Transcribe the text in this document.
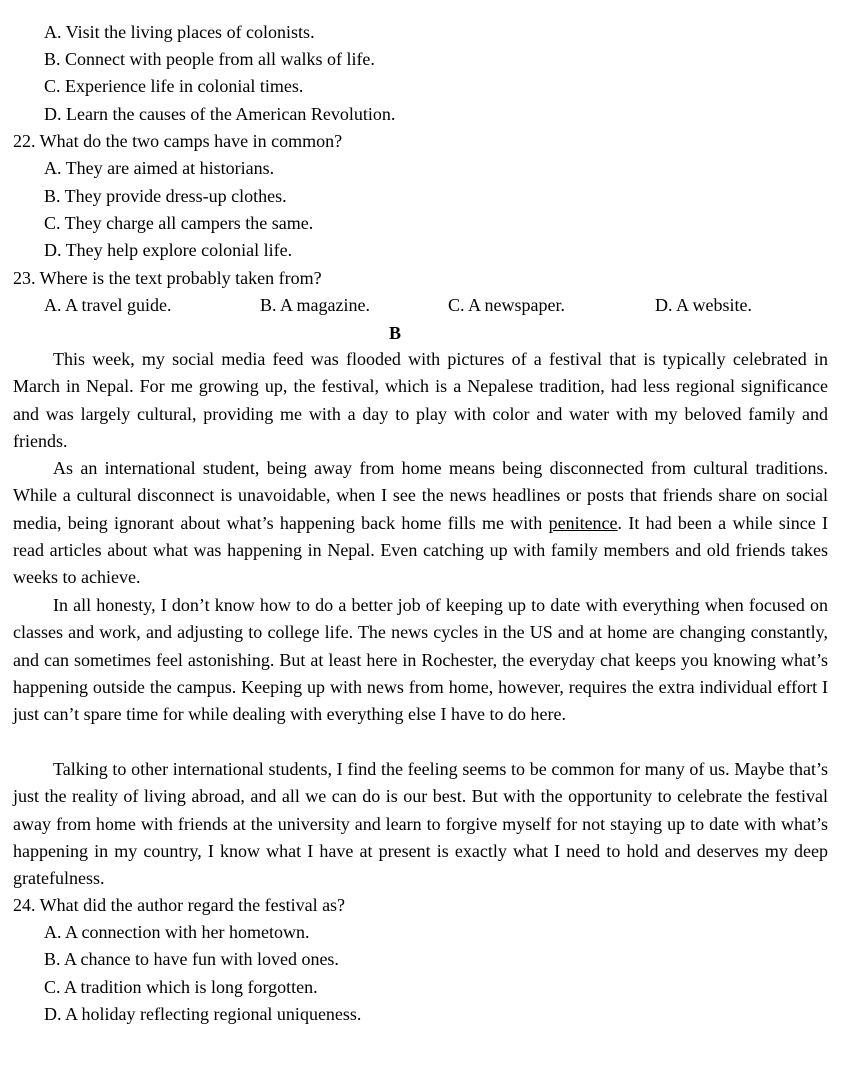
A. Visit the living places of colonists.
B. Connect with people from all walks of life.
C. Experience life in colonial times.
D. Learn the causes of the American Revolution.
22. What do the two camps have in common?
A. They are aimed at historians.
B. They provide dress-up clothes.
C. They charge all campers the same.
D. They help explore colonial life.
23. Where is the text probably taken from?
A. A travel guide.	B. A magazine.	C. A newspaper.	D. A website.
B

This week, my social media feed was flooded with pictures of a festival that is typically celebrated in March in Nepal. For me growing up, the festival, which is a Nepalese tradition, had less regional significance and was largely cultural, providing me with a day to play with color and water with my beloved family and friends.

As an international student, being away from home means being disconnected from cultural traditions. While a cultural disconnect is unavoidable, when I see the news headlines or posts that friends share on social media, being ignorant about what’s happening back home fills me with penitence. It had been a while since I read articles about what was happening in Nepal. Even catching up with family members and old friends takes weeks to achieve.

In all honesty, I don’t know how to do a better job of keeping up to date with everything when focused on classes and work, and adjusting to college life. The news cycles in the US and at home are changing constantly, and can sometimes feel astonishing. But at least here in Rochester, the everyday chat keeps you knowing what’s happening outside the campus. Keeping up with news from home, however, requires the extra individual effort I just can’t spare time for while dealing with everything else I have to do here.

Talking to other international students, I find the feeling seems to be common for many of us. Maybe that’s just the reality of living abroad, and all we can do is our best. But with the opportunity to celebrate the festival away from home with friends at the university and learn to forgive myself for not staying up to date with what’s happening in my country, I know what I have at present is exactly what I need to hold and deserves my deep gratefulness.

24. What did the author regard the festival as?
A. A connection with her hometown.
B. A chance to have fun with loved ones.
C. A tradition which is long forgotten.
D. A holiday reflecting regional uniqueness.
